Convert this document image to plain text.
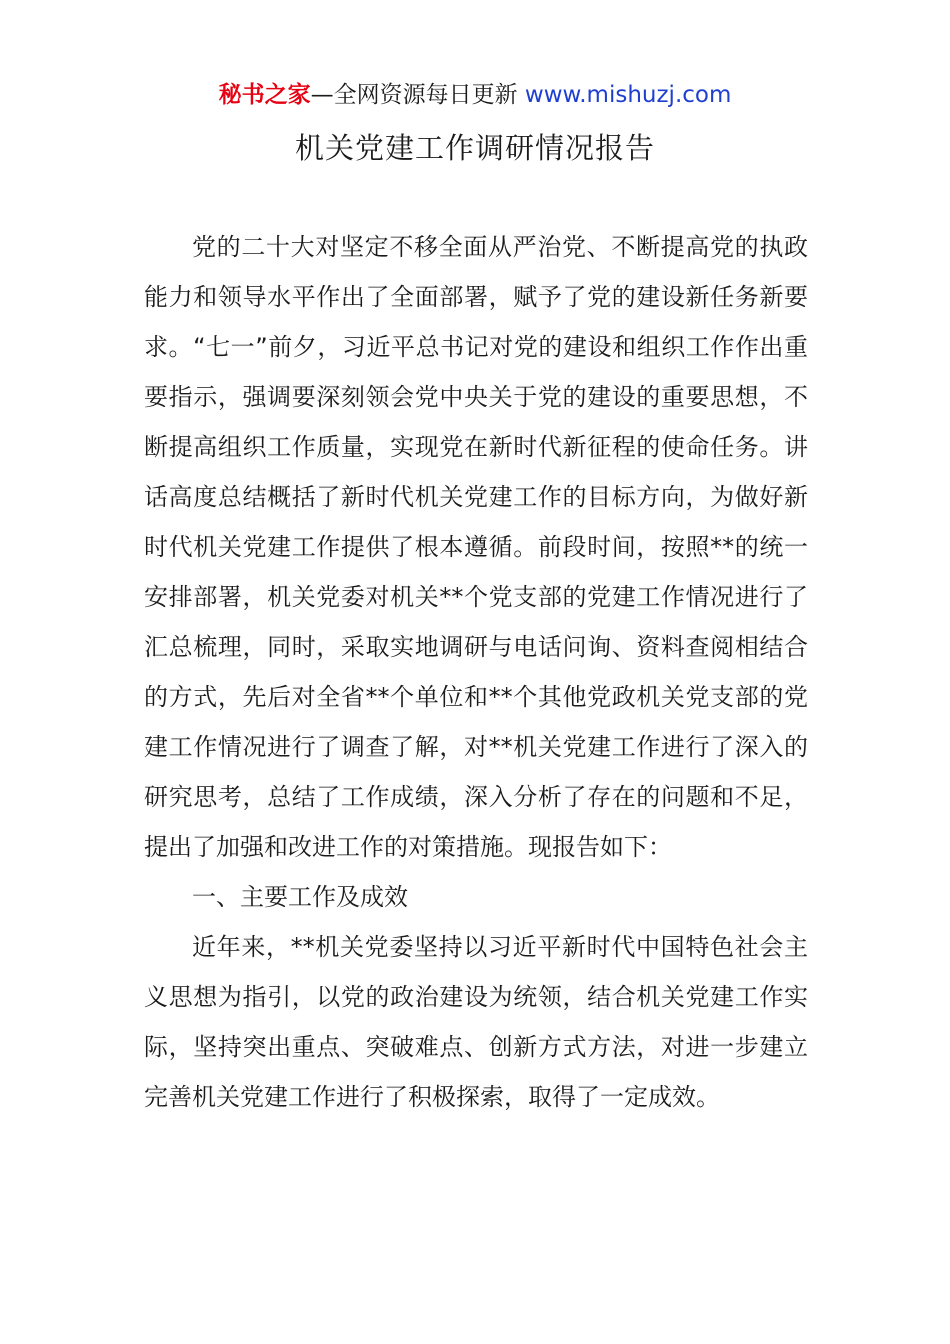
秘书之家—全网资源每日更新 www.mishuzj.com
机关党建工作调研情况报告

党的二十大对坚定不移全面从严治党、不断提高党的执政能力和领导水平作出了全面部署，赋予了党的建设新任务新要求。“七一”前夕，习近平总书记对党的建设和组织工作作出重要指示，强调要深刻领会党中央关于党的建设的重要思想，不断提高组织工作质量，实现党在新时代新征程的使命任务。讲话高度总结概括了新时代机关党建工作的目标方向，为做好新时代机关党建工作提供了根本遵循。前段时间，按照**的统一安排部署，机关党委对机关**个党支部的党建工作情况进行了汇总梳理，同时，采取实地调研与电话问询、资料查阅相结合的方式，先后对全省**个单位和**个其他党政机关党支部的党建工作情况进行了调查了解，对**机关党建工作进行了深入的研究思考，总结了工作成绩，深入分析了存在的问题和不足，提出了加强和改进工作的对策措施。现报告如下：

一、主要工作及成效

近年来，**机关党委坚持以习近平新时代中国特色社会主义思想为指引，以党的政治建设为统领，结合机关党建工作实际，坚持突出重点、突破难点、创新方式方法，对进一步建立完善机关党建工作进行了积极探索，取得了一定成效。
